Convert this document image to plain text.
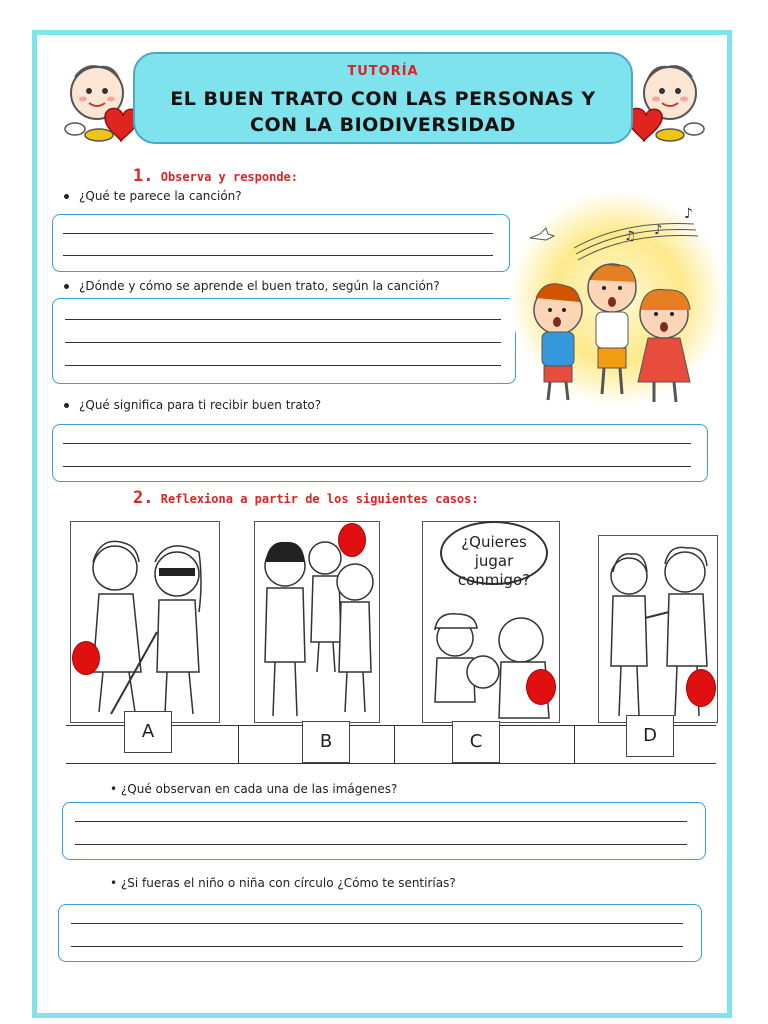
TUTORÍA
EL BUEN TRATO CON LAS PERSONAS Y
CON LA BIODIVERSIDAD
1. Observa y responde:
¿Qué te parece la canción?
¿Dónde y cómo se aprende el buen trato, según la canción?
♪
♫ ♪
¿Qué significa para ti recibir buen trato?
2. Reflexiona a partir de los siguientes casos:
A	B
¿Quieres jugar conmigo?
C	D
• ¿Qué observan en cada una de las imágenes?
• ¿Si fueras el niño o niña con círculo ¿Cómo te sentirías?
